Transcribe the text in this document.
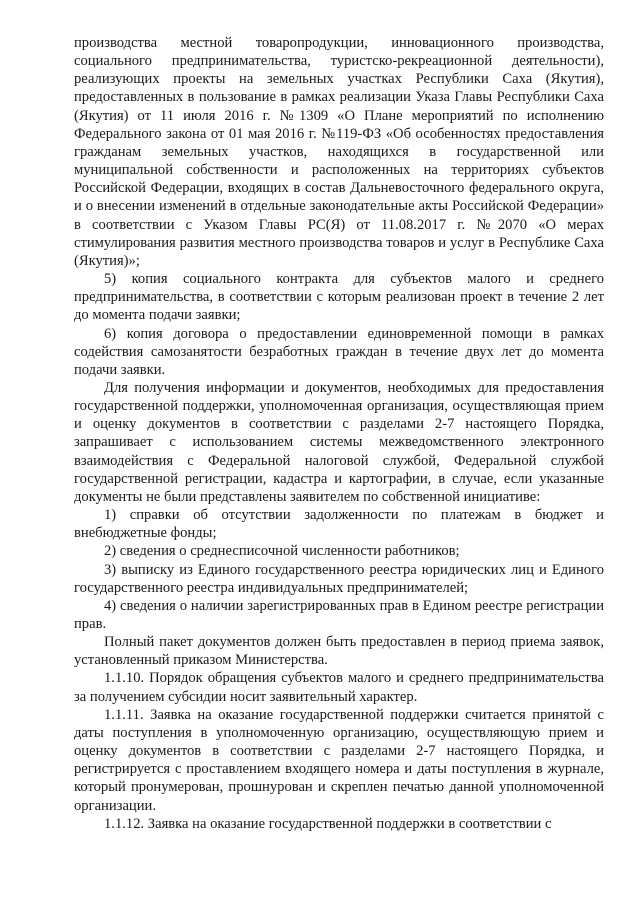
производства местной товаропродукции, инновационного производства, социального предпринимательства, туристско-рекреационной деятельности), реализующих проекты на земельных участках Республики Саха (Якутия), предоставленных в пользование в рамках реализации Указа Главы Республики Саха (Якутия) от 11 июля 2016 г. №1309 «О Плане мероприятий по исполнению Федерального закона от 01 мая 2016 г. №119-ФЗ «Об особенностях предоставления гражданам земельных участков, находящихся в государственной или муниципальной собственности и расположенных на территориях субъектов Российской Федерации, входящих в состав Дальневосточного федерального округа, и о внесении изменений в отдельные законодательные акты Российской Федерации» в соответствии с Указом Главы РС(Я) от 11.08.2017 г. №2070 «О мерах стимулирования развития местного производства товаров и услуг в Республике Саха (Якутия)»;

5) копия социального контракта для субъектов малого и среднего предпринимательства, в соответствии с которым реализован проект в течение 2 лет до момента подачи заявки;

6) копия договора о предоставлении единовременной помощи в рамках содействия самозанятости безработных граждан в течение двух лет до момента подачи заявки.

Для получения информации и документов, необходимых для предоставления государственной поддержки, уполномоченная организация, осуществляющая прием и оценку документов в соответствии с разделами 2-7 настоящего Порядка, запрашивает с использованием системы межведомственного электронного взаимодействия с Федеральной налоговой службой, Федеральной службой государственной регистрации, кадастра и картографии, в случае, если указанные документы не были представлены заявителем по собственной инициативе:

1) справки об отсутствии задолженности по платежам в бюджет и внебюджетные фонды;

2) сведения о среднесписочной численности работников;

3) выписку из Единого государственного реестра юридических лиц и Единого государственного реестра индивидуальных предпринимателей;

4) сведения о наличии зарегистрированных прав в Едином реестре регистрации прав.

Полный пакет документов должен быть предоставлен в период приема заявок, установленный приказом Министерства.

1.1.10. Порядок обращения субъектов малого и среднего предпринимательства за получением субсидии носит заявительный характер.

1.1.11. Заявка на оказание государственной поддержки считается принятой с даты поступления в уполномоченную организацию, осуществляющую прием и оценку документов в соответствии с разделами 2-7 настоящего Порядка, и регистрируется с проставлением входящего номера и даты поступления в журнале, который пронумерован, прошнурован и скреплен печатью данной уполномоченной организации.

1.1.12. Заявка на оказание государственной поддержки в соответствии с
